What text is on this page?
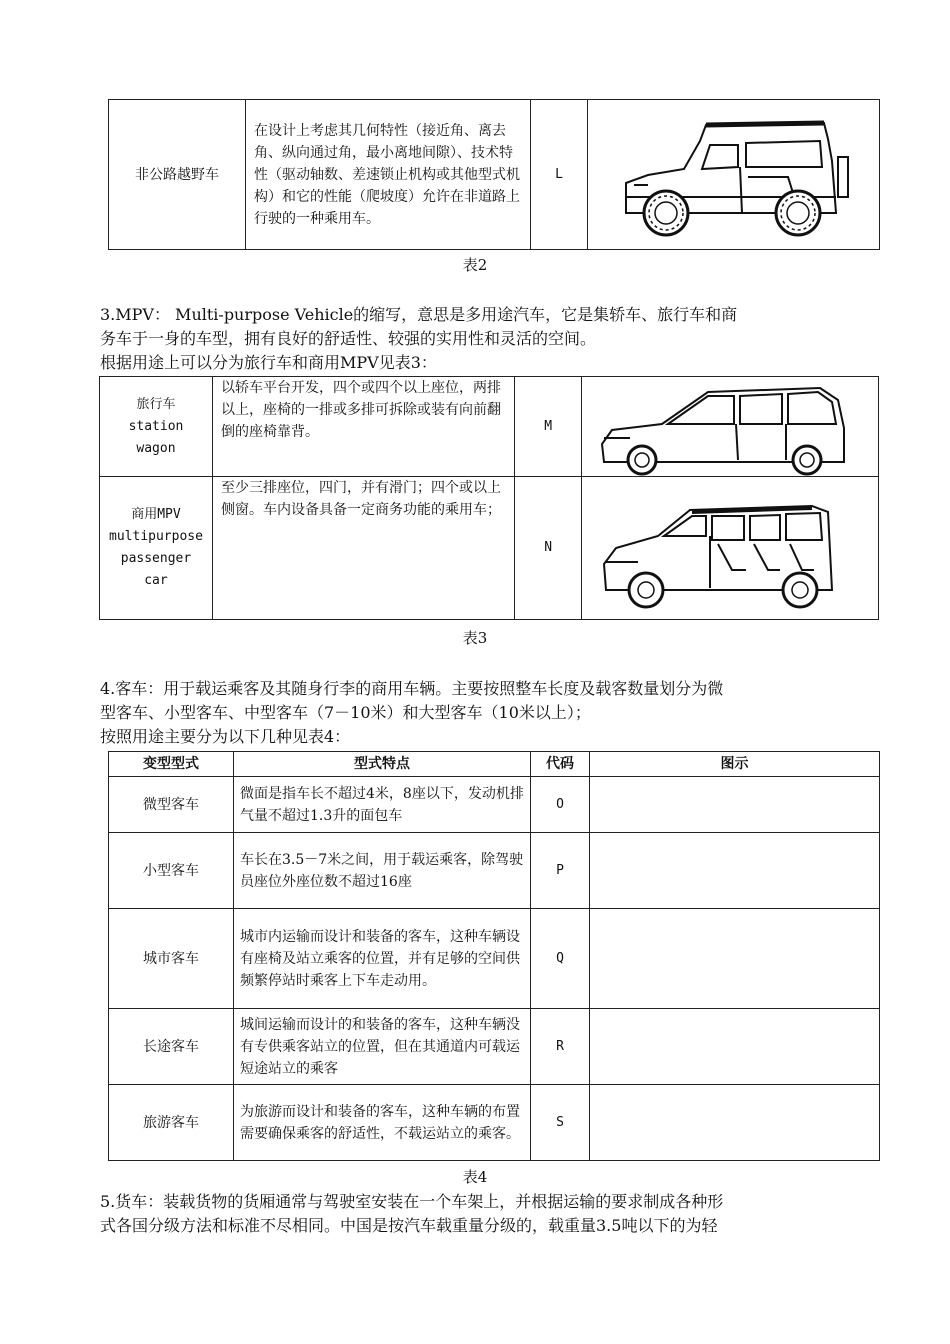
非公路越野车	在设计上考虑其几何特性（接近角、离去角、纵向通过角，最小离地间隙）、技术特性（驱动轴数、差速锁止机构或其他型式机构）和它的性能（爬坡度）允许在非道路上行驶的一种乘用车。	L	
表2
3.MPV： Multi-purpose Vehicle的缩写，意思是多用途汽车，它是集轿车、旅行车和商
务车于一身的车型，拥有良好的舒适性、较强的实用性和灵活的空间。
根据用途上可以分为旅行车和商用MPV见表3：
旅行车 station wagon	以轿车平台开发，四个或四个以上座位，两排以上，座椅的一排或多排可拆除或装有向前翻倒的座椅靠背。	M	

商用MPV multipurpose passenger car	至少三排座位，四门，并有滑门；四个或以上侧窗。车内设备具备一定商务功能的乘用车；	N	
表3
4.客车：用于载运乘客及其随身行李的商用车辆。主要按照整车长度及载客数量划分为微
型客车、小型客车、中型客车（7－10米）和大型客车（10米以上）；
按照用途主要分为以下几种见表4：
变型型式	型式特点	代码	图示
微型客车	微面是指车长不超过4米，8座以下，发动机排气量不超过1.3升的面包车	O	
小型客车	车长在3.5－7米之间，用于载运乘客，除驾驶员座位外座位数不超过16座	P	
城市客车	城市内运输而设计和装备的客车，这种车辆设有座椅及站立乘客的位置，并有足够的空间供频繁停站时乘客上下车走动用。	Q	
长途客车	城间运输而设计的和装备的客车，这种车辆没有专供乘客站立的位置，但在其通道内可载运短途站立的乘客	R	
旅游客车	为旅游而设计和装备的客车，这种车辆的布置需要确保乘客的舒适性，不载运站立的乘客。	S	
表4
5.货车：装载货物的货厢通常与驾驶室安装在一个车架上，并根据运输的要求制成各种形
式各国分级方法和标准不尽相同。中国是按汽车载重量分级的，载重量3.5吨以下的为轻
